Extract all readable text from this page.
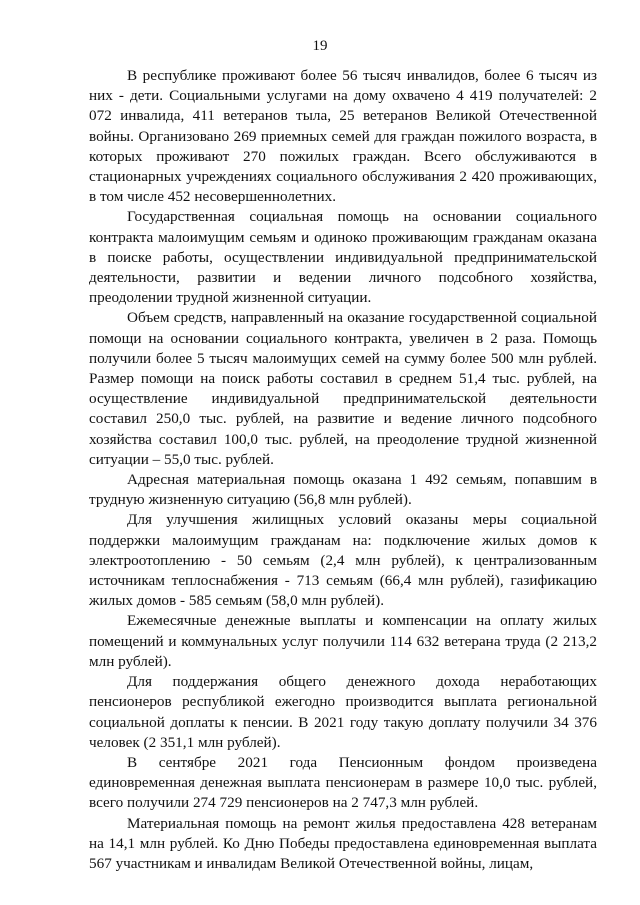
19

В республике проживают более 56 тысяч инвалидов, более 6 тысяч из них - дети. Социальными услугами на дому охвачено 4 419 получателей: 2 072 инвалида, 411 ветеранов тыла, 25 ветеранов Великой Отечественной войны. Организовано 269 приемных семей для граждан пожилого возраста, в которых проживают 270 пожилых граждан. Всего обслуживаются в стационарных учреждениях социального обслуживания 2 420 проживающих, в том числе 452 несовершеннолетних.

Государственная социальная помощь на основании социального контракта малоимущим семьям и одиноко проживающим гражданам оказана в поиске работы, осуществлении индивидуальной предпринимательской деятельности, развитии и ведении личного подсобного хозяйства, преодолении трудной жизненной ситуации.

Объем средств, направленный на оказание государственной социальной помощи на основании социального контракта, увеличен в 2 раза. Помощь получили более 5 тысяч малоимущих семей на сумму более 500 млн рублей. Размер помощи на поиск работы составил в среднем 51,4 тыс. рублей, на осуществление индивидуальной предпринимательской деятельности составил 250,0 тыс. рублей, на развитие и ведение личного подсобного хозяйства составил 100,0 тыс. рублей, на преодоление трудной жизненной ситуации – 55,0 тыс. рублей.

Адресная материальная помощь оказана 1 492 семьям, попавшим в трудную жизненную ситуацию (56,8 млн рублей).

Для улучшения жилищных условий оказаны меры социальной поддержки малоимущим гражданам на: подключение жилых домов к электроотоплению - 50 семьям (2,4 млн рублей), к централизованным источникам теплоснабжения - 713 семьям (66,4 млн рублей), газификацию жилых домов - 585 семьям (58,0 млн рублей).

Ежемесячные денежные выплаты и компенсации на оплату жилых помещений и коммунальных услуг получили 114 632 ветерана труда (2 213,2 млн рублей).

Для поддержания общего денежного дохода неработающих пенсионеров республикой ежегодно производится выплата региональной социальной доплаты к пенсии. В 2021 году такую доплату получили 34 376 человек (2 351,1 млн рублей).

В сентябре 2021 года Пенсионным фондом произведена единовременная денежная выплата пенсионерам в размере 10,0 тыс. рублей, всего получили 274 729 пенсионеров на 2 747,3 млн рублей.

Материальная помощь на ремонт жилья предоставлена 428 ветеранам на 14,1 млн рублей. Ко Дню Победы предоставлена единовременная выплата 567 участникам и инвалидам Великой Отечественной войны, лицам,
